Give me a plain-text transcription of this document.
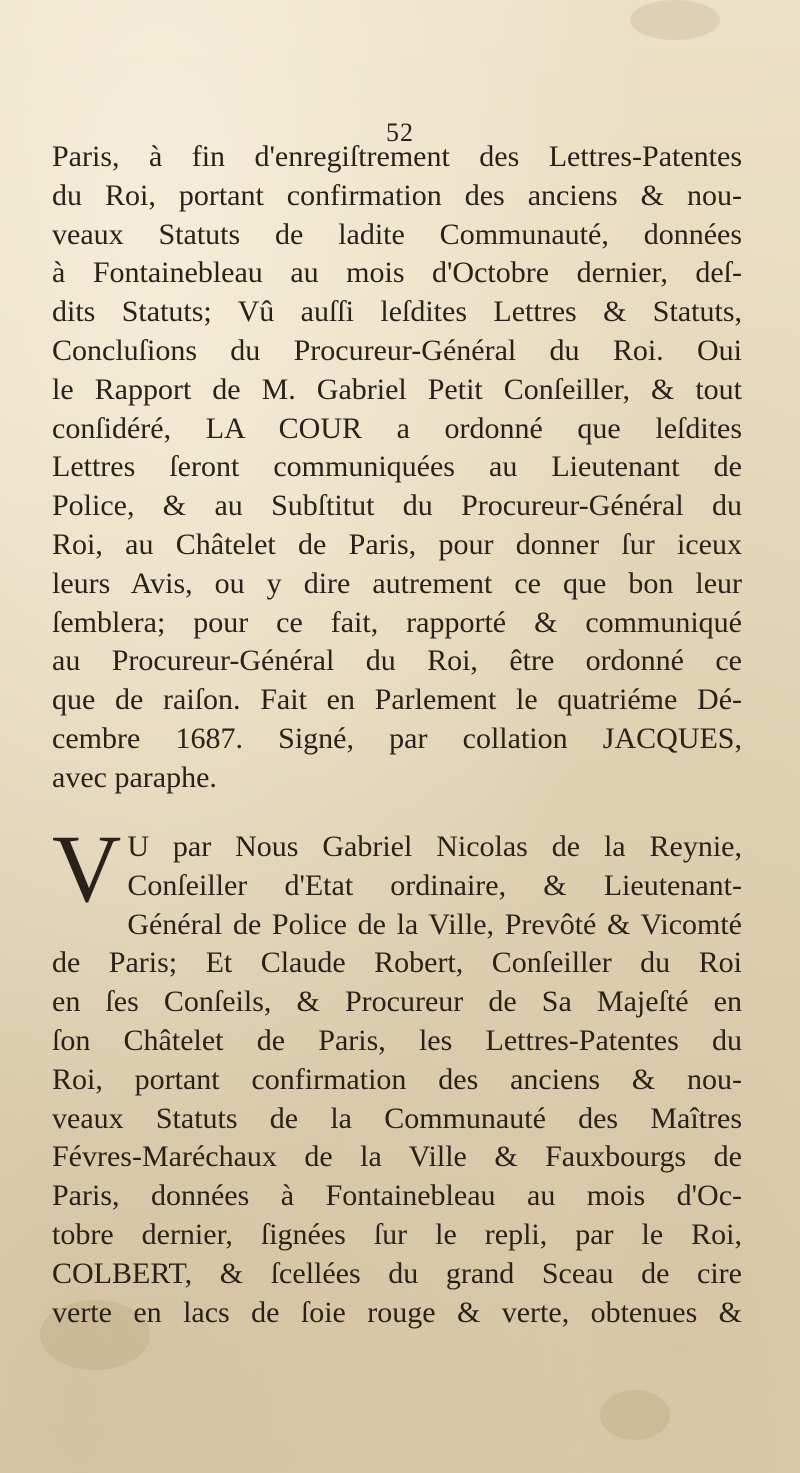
52
Paris, à fin d'enregiſtrement des Lettres-Patentes
du Roi, portant confirmation des anciens & nou-
veaux Statuts de ladite Communauté, données
à Fontainebleau au mois d'Octobre dernier, deſ-
dits Statuts; Vû auſſi leſdites Lettres & Statuts,
Concluſions du Procureur-Général du Roi. Oui
le Rapport de M. Gabriel Petit Conſeiller, & tout
conſidéré, LA COUR a ordonné que leſdites
Lettres ſeront communiquées au Lieutenant de
Police, & au Subſtitut du Procureur-Général du
Roi, au Châtelet de Paris, pour donner ſur iceux
leurs Avis, ou y dire autrement ce que bon leur
ſemblera; pour ce fait, rapporté & communiqué
au Procureur-Général du Roi, être ordonné ce
que de raiſon. Fait en Parlement le quatriéme Dé-
cembre 1687. Signé, par collation JACQUES,
avec paraphe.
V U par Nous Gabriel Nicolas de la Reynie,
Conſeiller d'Etat ordinaire, & Lieutenant-
Général de Police de la Ville, Prevôté & Vicomté
de Paris; Et Claude Robert, Conſeiller du Roi
en ſes Conſeils, & Procureur de Sa Majeſté en
ſon Châtelet de Paris, les Lettres-Patentes du
Roi, portant confirmation des anciens & nou-
veaux Statuts de la Communauté des Maîtres
Févres-Maréchaux de la Ville & Fauxbourgs de
Paris, données à Fontainebleau au mois d'Oc-
tobre dernier, ſignées ſur le repli, par le Roi,
COLBERT, & ſcellées du grand Sceau de cire
verte en lacs de ſoie rouge & verte, obtenues &
